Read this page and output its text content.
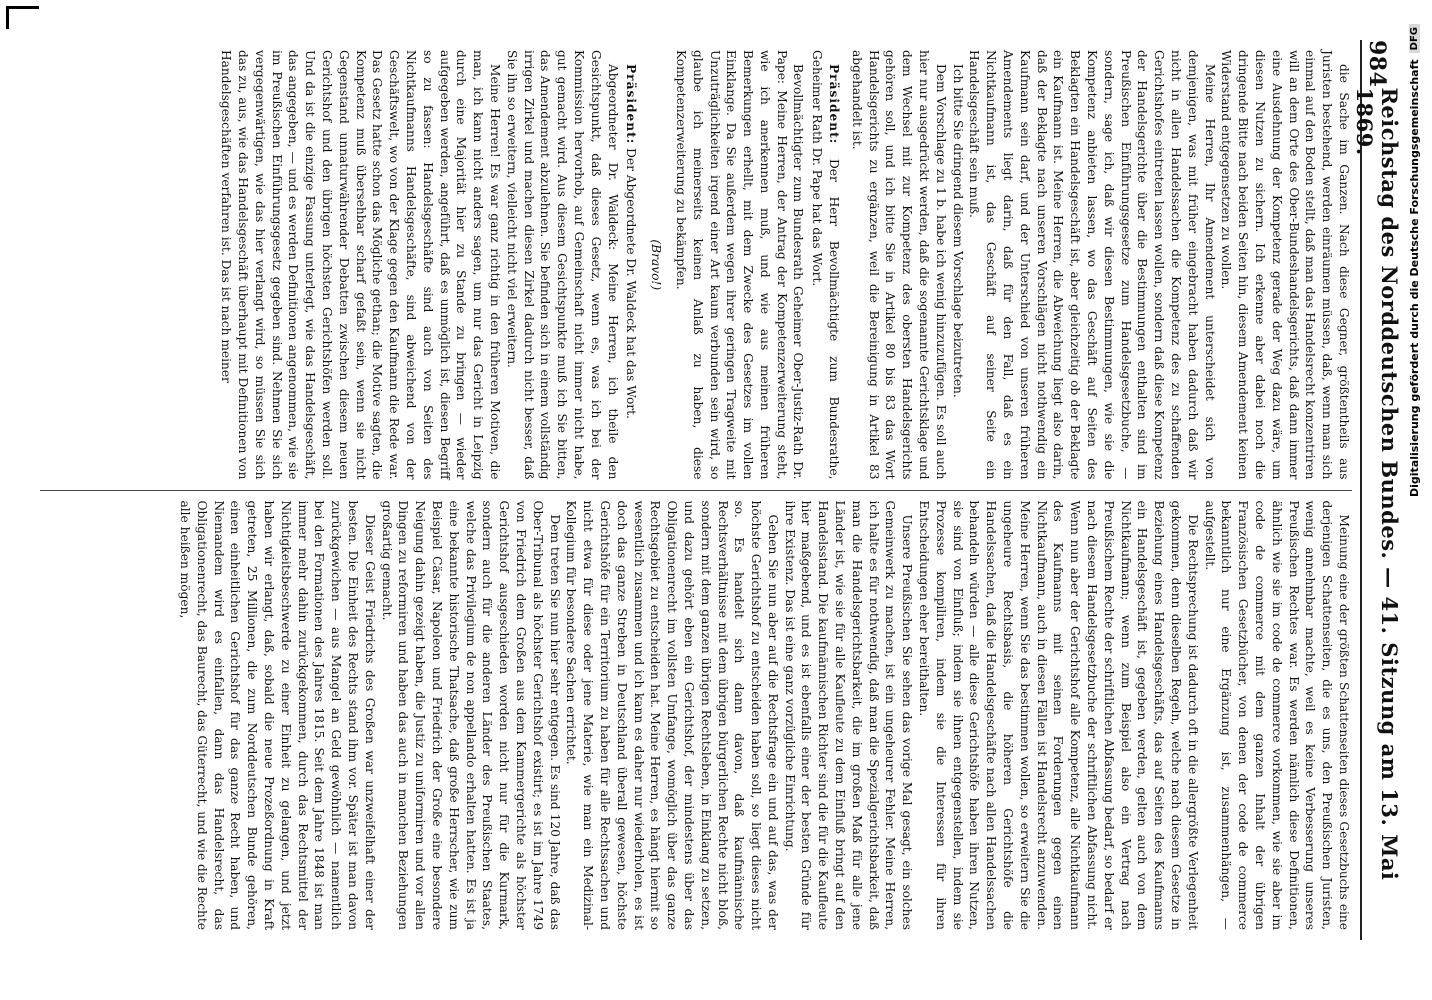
984
Reichstag des Norddeutschen Bundes. — 41. Sitzung am 13. Mai 1869.

die Sache im Ganzen. Nach diese Gegner, größtentheils aus Juristen bestehend, werden einräumen müssen, daß, wenn man sich einmal auf den Boden stellt, daß man das Handelsrecht konzentriren will an dem Orte des Ober-Bundeshandelsgerichts, daß dann immer eine Ausdehnung der Kompetenz gerade der Weg dazu wäre, um diesen Nutzen zu sichern. Ich erkenne aber dabei noch die dringende Bitte nach beiden Seiten hin, diesem Amendement keinen Widerstand entgegensetzen zu wollen.

Meine Herren, Ihr Amendement unterscheidet sich von demjenigen, was mit früher eingebracht haben dadurch daß wir nicht in allen Handelssachen die Kompetenz des zu schaffenden Gerichtshofes eintreten lassen wollen, sondern daß diese Kompetenz der Handelsgerichte über die Bestimmungen enthalten sind im Preußischen Einführungsgesetze zum Handelsgesetzbuche, — sondern, sage ich, daß wir diesen Bestimmungen, wie sie die Kompetenz anbieten lassen, wo das Geschäft auf Seiten des Beklagten ein Handelsgeschäft ist, aber gleichzeitig ob der Beklagte ein Kaufmann ist. Meine Herren, die Abweichung liegt also darin, daß der Beklagte nach unseren Vorschlägen nicht nothwendig ein Kaufmann sein darf, und der Unterschied von unseren früheren Amendements liegt darin, daß für den Fall, daß es ein Nichtkaufmann ist, das Geschäft auf seiner Seite ein Handelsgeschäft sein muß.

Ich bitte Sie dringend diesem Vorschlage beizutreten.

Dem Vorschlage zu 1 b. habe ich wenig hinzuzufügen. Es soll auch hier nur ausgedrückt werden, daß die sogenannte Gerichtsklage und dem Wechsel mit zur Kompetenz des obersten Handelsgerichts gehören soll, und ich bitte Sie in Artikel 80 bis 83 das Wort Handelsgerichts zu ergänzen, weil die Bereinigung in Artikel 83 abgehandelt ist.

Präsident: Der Herr Bevollmächtigte zum Bundesrathe, Geheimer Rath Dr. Pape hat das Wort.

Bevollmächtigter zum Bundesrath Geheimer Ober-Justiz-Rath Dr. Pape: Meine Herren, der Antrag der Kompetenzerweiterung steht, wie ich anerkennen muß, und wie aus meinen früheren Bemerkungen erhellt, mit dem Zwecke des Gesetzes im vollen Einklange. Da Sie außerdem wegen ihrer geringen Tragweite mit Unzuträglichkeiten irgend einer Art kaum verbunden sein wird, so glaube ich meinerseits keinen Anlaß zu haben, diese Kompetenzerweiterung zu bekämpfen.

(Bravo!)

Präsident: Der Abgeordnete Dr. Waldeck hat das Wort.

Abgeordneter Dr. Waldeck: Meine Herren, ich theile den Gesichtspunkt, daß dieses Gesetz, wenn es, was ich bei der Kommission hervorhob, auf Gemeinschaft nicht immer nicht habe, gut gemacht wird. Aus diesem Gesichtspunkte muß ich Sie bitten, das Amendement abzulehnen. Sie befinden sich in einem vollständig irrigen Zirkel und machen diesen Zirkel dadurch nicht besser, daß Sie ihn so erweitern, vielleicht nicht viel erweitern.

Meine Herren! Es war ganz richtig in den früheren Motiven, die man, ich kann nicht anders sagen, um nur das Gericht in Leipzig durch eine Majorität hier zu Stande zu bringen — wieder aufgegeben werden, angeführt, daß es unmöglich ist, diesen Begriff so zu fassen: Handelsgeschäfte sind auch von Seiten des Nichtkaufmanns Handelsgeschäfte, sind abweichend von der Geschäftswelt, wo von der Klage gegen den Kaufmann die Rede war. Das Gesetz hatte schon das Mögliche gethan; die Motive sagten, die Kompetenz muß übersehbar scharf gefaßt sein, wenn sie nicht Gegenstand unnaturwährender Debatten zwischen diesem neuen Gerichtshof und den übrigen höchsten Gerichtshöfen werden soll. Und da ist die einzige Fassung unterlegt, wie das Handelsgeschäft, das angegeben, — und es werden Definitionen angenommen, wie sie im Preußischen Einführungsgesetz gegeben sind. Nehmen Sie sich vergegenwärtigen, wie das hier verlangt wird, so müssen Sie sich das zu, aus, wie das Handelsgeschäft überhaupt mit Definitionen von Handelsgeschäften verfahren ist. Das ist nach meiner

Meinung eine der größten Schattenseiten dieses Gesetzbuchs eine derjenigen Schattenseiten, die es uns, den Preußischen Juristen, wenig annehmbar machte, weil es keine Verbesserung unseres Preußischen Rechtes war. Es werden nämlich diese Definitionen, ähnlich wie sie im code de commerce vorkommen, wie sie aber im code de commerce mit dem ganzen Inhalt der übrigen Französischen Gesetzbücher, von denen der code de commerce bekanntlich nur eine Ergänzung ist, zusammenhängen, — aufgestellt.

Die Rechtsprechung ist dadurch oft in die allergrößte Verlegenheit gekommen, denn dieselben Regeln, welche nach diesem Gesetze in Beziehung eines Handelsgeschäfts, das auf Seiten des Kaufmanns ein Handelsgeschäft ist, gegeben werden, gelten auch von dem Nichtkaufmann; wenn zum Beispiel also ein Vertrag nach Preußischem Rechte der schriftlichen Abfassung bedarf, so bedarf er nach diesem Handelsgesetzbuche der schriftlichen Abfassung nicht. Wenn nun aber der Gerichtshof alle Kompetenz, alle Nichtkaufmann des Kaufmanns mit seinen Forderungen gegen einen Nichtkaufmann, auch in diesen Fällen ist Handelsrecht anzuwenden. Meine Herren, wenn Sie das bestimmen wollen, so erweitern Sie die ungeheure Rechtsbasis, die höheren Gerichtshöfe die Handelssachen, daß die Handelsgeschäfte nach allen Handelssachen behandeln würden — alle diese Gerichtshöfe haben ihren Nutzen, sie sind von Einfluß; indem sie ihnen entgegenstellen, indem sie Prozesse kompiliren, indem sie die Interessen für ihren Entscheidungen eher bereithalten.

Unsere Preußischen Sie sehen das vorige Mal gesagt, ein solches Gemeinwerk zu machen, ist ein ungeheurer Fehler. Meine Herren, ich halte es für nothwendig, daß man die Spezialgerichtsbarkeit, daß man die Handelsgerichtsbarkeit, die im großen Maß für alle jene Länder ist, wie sie für alle Kaufleute zu dem Einfluß bringt auf den Handelsstand. Die kaufmännischen Richter sind die für die Kaufleute hier maßgebend, und es ist ebenfalls einer der besten Gründe für ihre Existenz. Das ist eine ganz vorzügliche Einrichtung.

Gehen Sie nun aber auf die Rechtsfrage ein und auf das, was der höchste Gerichtshof zu entscheiden haben soll, so liegt dieses nicht so. Es handelt sich dann davon, daß kaufmännische Rechtsverhältnisse mit dem übrigen bürgerlichen Rechte nicht bloß, sondern mit dem ganzen übrigen Rechtsleben, in Einklang zu setzen, und dazu gehört eben ein Gerichtshof, der mindestens über das Obligationenrecht im vollsten Umfange, womöglich über das ganze Rechtsgebiet zu entscheiden hat. Meine Herren, es hängt hiermit so wesentlich zusammen und ich kann es daher nur wiederholen, es ist doch das ganze Streben in Deutschland überall gewesen, höchste Gerichtshöfe für ein Territorium zu haben für alle Rechtssachen und nicht etwa für diese oder jene Materie, wie man ein Medizinal-Kollegium für besondere Sachen errichtet.

Dem treten Sie nun hier sehr entgegen. Es sind 120 Jahre, daß das Ober-Tribunal als höchster Gerichtshof existirt; es ist im Jahre 1749 von Friedrich dem Großen aus dem Kammergerichte als höchster Gerichtshof ausgeschieden worden nicht nur für die Kurmark, sondern auch für die anderen Länder des Preußischen Staates, welche das Privilegium de non appellando erhalten hatten. Es ist ja eine bekannte historische Thatsache, daß große Herrscher, wie zum Beispiel Cäsar, Napoleon und Friedrich der Große eine besondere Neigung dahin gezeigt haben, die Justiz zu uniformiren und vor allen Dingen zu reformiren und haben das auch in manchen Beziehungen großartig gemacht.

Dieser Geist Friedrichs des Großen war unzweifelhaft einer der besten. Die Einheit des Rechts stand ihm vor. Später ist man davon zurückgewichen — aus Mangel an Geld gewöhnlich — namentlich bei den Formationen des Jahres 1815. Seit dem Jahre 1848 ist man immer mehr dahin zurückgekommen, durch das Rechtsmittel der Nichtigkeitsbeschwerde zu einer Einheit zu gelangen, und jetzt haben wir erlangt, daß, sobald die neue Prozeßordnung in Kraft getreten, 25 Millionen, die zum Norddeutschen Bunde gehören, einen einheitlichen Gerichtshof für das ganze Recht haben, und Niemandem wird es einfallen, dann das Handelsrecht, das Obligationenrecht, das Baurecht, das Güterrecht, und wie die Rechte alle heißen mögen,

Digitalisierung gefördert durch die Deutsche Forschungsgemeinschaft
DFG
